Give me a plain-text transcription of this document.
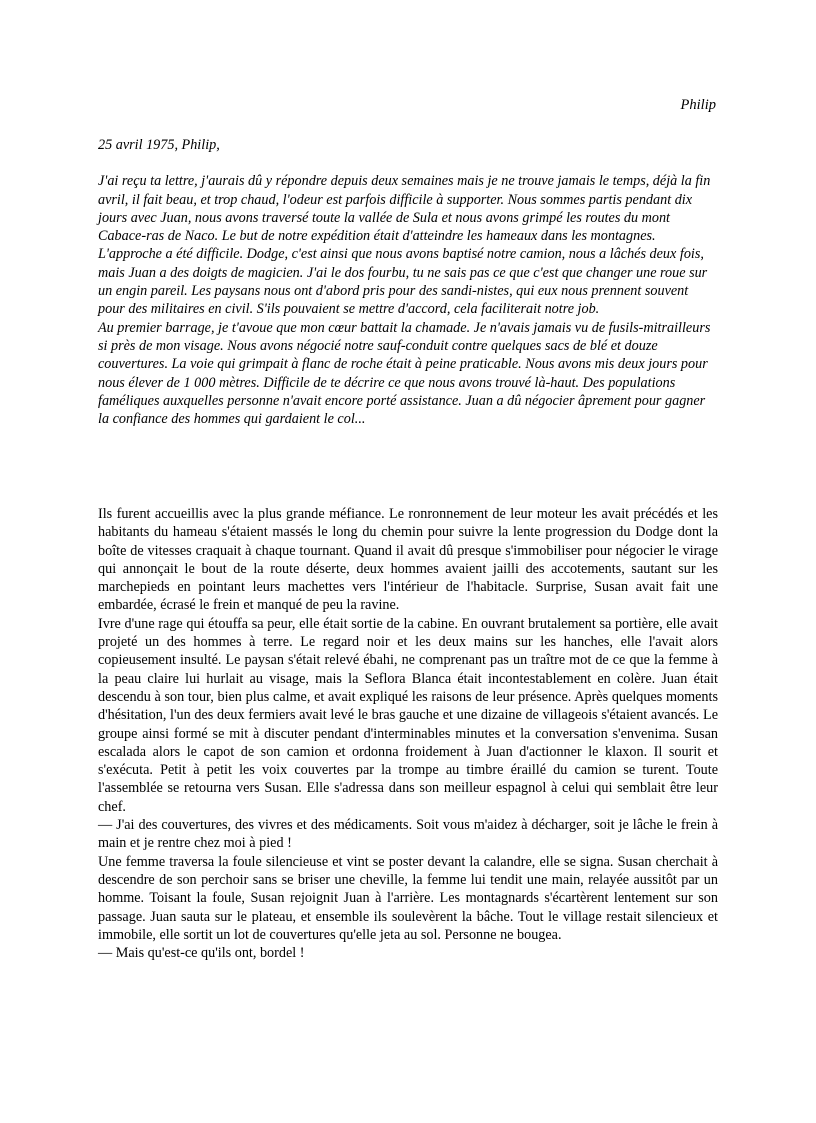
Philip

25 avril 1975, Philip,

J'ai reçu ta lettre, j'aurais dû y répondre depuis deux semaines mais je ne trouve jamais le temps, déjà la fin avril, il fait beau, et trop chaud, l'odeur est parfois difficile à supporter. Nous sommes partis pendant dix jours avec Juan, nous avons traversé toute la vallée de Sula et nous avons grimpé les routes du mont Cabace-ras de Naco. Le but de notre expédition était d'atteindre les hameaux dans les montagnes. L'approche a été difficile. Dodge, c'est ainsi que nous avons baptisé notre camion, nous a lâchés deux fois, mais Juan a des doigts de magicien. J'ai le dos fourbu, tu ne sais pas ce que c'est que changer une roue sur un engin pareil. Les paysans nous ont d'abord pris pour des sandi-nistes, qui eux nous prennent souvent pour des militaires en civil. S'ils pouvaient se mettre d'accord, cela faciliterait notre job.

Au premier barrage, je t'avoue que mon cœur battait la chamade. Je n'avais jamais vu de fusils-mitrailleurs si près de mon visage. Nous avons négocié notre sauf-conduit contre quelques sacs de blé et douze couvertures. La voie qui grimpait à flanc de roche était à peine praticable. Nous avons mis deux jours pour nous élever de 1 000 mètres. Difficile de te décrire ce que nous avons trouvé là-haut. Des populations faméliques auxquelles personne n'avait encore porté assistance. Juan a dû négocier âprement pour gagner la confiance des hommes qui gardaient le col...

Ils furent accueillis avec la plus grande méfiance. Le ronronnement de leur moteur les avait précédés et les habitants du hameau s'étaient massés le long du chemin pour suivre la lente progression du Dodge dont la boîte de vitesses craquait à chaque tournant. Quand il avait dû presque s'immobiliser pour négocier le virage qui annonçait le bout de la route déserte, deux hommes avaient jailli des accotements, sautant sur les marchepieds en pointant leurs machettes vers l'intérieur de l'habitacle. Surprise, Susan avait fait une embardée, écrasé le frein et manqué de peu la ravine.

Ivre d'une rage qui étouffa sa peur, elle était sortie de la cabine. En ouvrant brutalement sa portière, elle avait projeté un des hommes à terre. Le regard noir et les deux mains sur les hanches, elle l'avait alors copieusement insulté. Le paysan s'était relevé ébahi, ne comprenant pas un traître mot de ce que la femme à la peau claire lui hurlait au visage, mais la Seflora Blanca était incontestablement en colère. Juan était descendu à son tour, bien plus calme, et avait expliqué les raisons de leur présence. Après quelques moments d'hésitation, l'un des deux fermiers avait levé le bras gauche et une dizaine de villageois s'étaient avancés. Le groupe ainsi formé se mit à discuter pendant d'interminables minutes et la conversation s'envenima. Susan escalada alors le capot de son camion et ordonna froidement à Juan d'actionner le klaxon. Il sourit et s'exécuta. Petit à petit les voix couvertes par la trompe au timbre éraillé du camion se turent. Toute l'assemblée se retourna vers Susan. Elle s'adressa dans son meilleur espagnol à celui qui semblait être leur chef.

— J'ai des couvertures, des vivres et des médicaments. Soit vous m'aidez à décharger, soit je lâche le frein à main et je rentre chez moi à pied !

Une femme traversa la foule silencieuse et vint se poster devant la calandre, elle se signa. Susan cherchait à descendre de son perchoir sans se briser une cheville, la femme lui tendit une main, relayée aussitôt par un homme. Toisant la foule, Susan rejoignit Juan à l'arrière. Les montagnards s'écartèrent lentement sur son passage. Juan sauta sur le plateau, et ensemble ils soulevèrent la bâche. Tout le village restait silencieux et immobile, elle sortit un lot de couvertures qu'elle jeta au sol. Personne ne bougea.

— Mais qu'est-ce qu'ils ont, bordel !
